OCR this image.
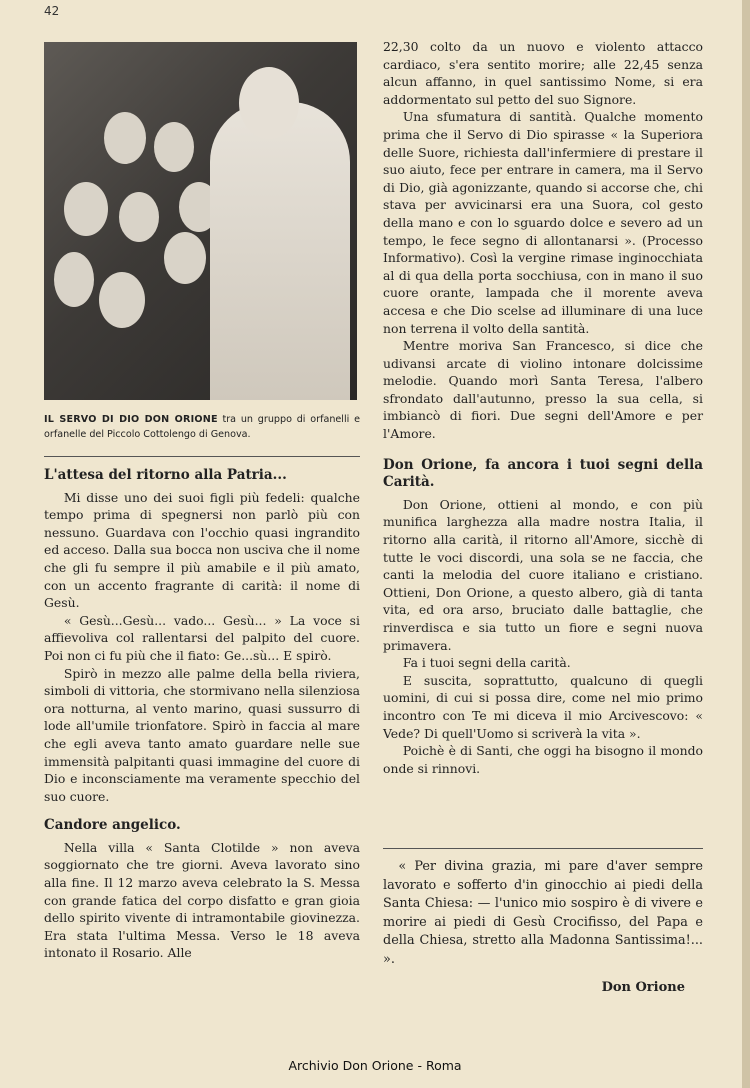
42
IL SERVO DI DIO DON ORIONE tra un gruppo di orfanelli e orfanelle del Piccolo Cottolengo di Genova.
L'attesa del ritorno alla Patria...

Mi disse uno dei suoi figli più fedeli: qualche tempo prima di spegnersi non parlò più con nessuno. Guardava con l'occhio quasi ingrandito ed acceso. Dalla sua bocca non usciva che il nome che gli fu sempre il più amabile e il più amato, con un accento fragrante di carità: il nome di Gesù.

« Gesù...Gesù... vado... Gesù... » La voce si affievoliva col rallentarsi del palpito del cuore. Poi non ci fu più che il fiato: Ge...sù... E spirò.

Spirò in mezzo alle palme della bella riviera, simboli di vittoria, che stormivano nella silenziosa ora notturna, al vento marino, quasi sussurro di lode all'umile trionfatore. Spirò in faccia al mare che egli aveva tanto amato guardare nelle sue immensità palpitanti quasi immagine del cuore di Dio e inconsciamente ma veramente specchio del suo cuore.

Candore angelico.

Nella villa « Santa Clotilde » non aveva soggiornato che tre giorni. Aveva lavorato sino alla fine. Il 12 marzo aveva celebrato la S. Messa con grande fatica del corpo disfatto e gran gioia dello spirito vivente di intramontabile giovinezza. Era stata l'ultima Messa. Verso le 18 aveva intonato il Rosario. Alle

22,30 colto da un nuovo e violento attacco cardiaco, s'era sentito morire; alle 22,45 senza alcun affanno, in quel santissimo Nome, si era addormentato sul petto del suo Signore.

Una sfumatura di santità. Qualche momento prima che il Servo di Dio spirasse « la Superiora delle Suore, richiesta dall'infermiere di prestare il suo aiuto, fece per entrare in camera, ma il Servo di Dio, già agonizzante, quando si accorse che, chi stava per avvicinarsi era una Suora, col gesto della mano e con lo sguardo dolce e severo ad un tempo, le fece segno di allontanarsi ». (Processo Informativo). Così la vergine rimase inginocchiata al di qua della porta socchiusa, con in mano il suo cuore orante, lampada che il morente aveva accesa e che Dio scelse ad illuminare di una luce non terrena il volto della santità.

Mentre moriva San Francesco, si dice che udivansi arcate di violino intonare dolcissime melodie. Quando morì Santa Teresa, l'albero sfrondato dall'autunno, presso la sua cella, si imbiancò di fiori. Due segni dell'Amore e per l'Amore.

Don Orione, fa ancora i tuoi segni della Carità.

Don Orione, ottieni al mondo, e con più munifica larghezza alla madre nostra Italia, il ritorno alla carità, il ritorno all'Amore, sicchè di tutte le voci discordi, una sola se ne faccia, che canti la melodia del cuore italiano e cristiano. Ottieni, Don Orione, a questo albero, già di tanta vita, ed ora arso, bruciato dalle battaglie, che rinverdisca e sia tutto un fiore e segni nuova primavera.

Fa i tuoi segni della carità.

E suscita, soprattutto, qualcuno di quegli uomini, di cui si possa dire, come nel mio primo incontro con Te mi diceva il mio Arcivescovo: « Vede? Di quell'Uomo si scriverà la vita ».

Poichè è di Santi, che oggi ha bisogno il mondo onde si rinnovi.

« Per divina grazia, mi pare d'aver sempre lavorato e sofferto d'in ginocchio ai piedi della Santa Chiesa: — l'unico mio sospiro è di vivere e morire ai piedi di Gesù Crocifisso, del Papa e della Chiesa, stretto alla Madonna Santissima!... ».

Don Orione
Archivio Don Orione - Roma
